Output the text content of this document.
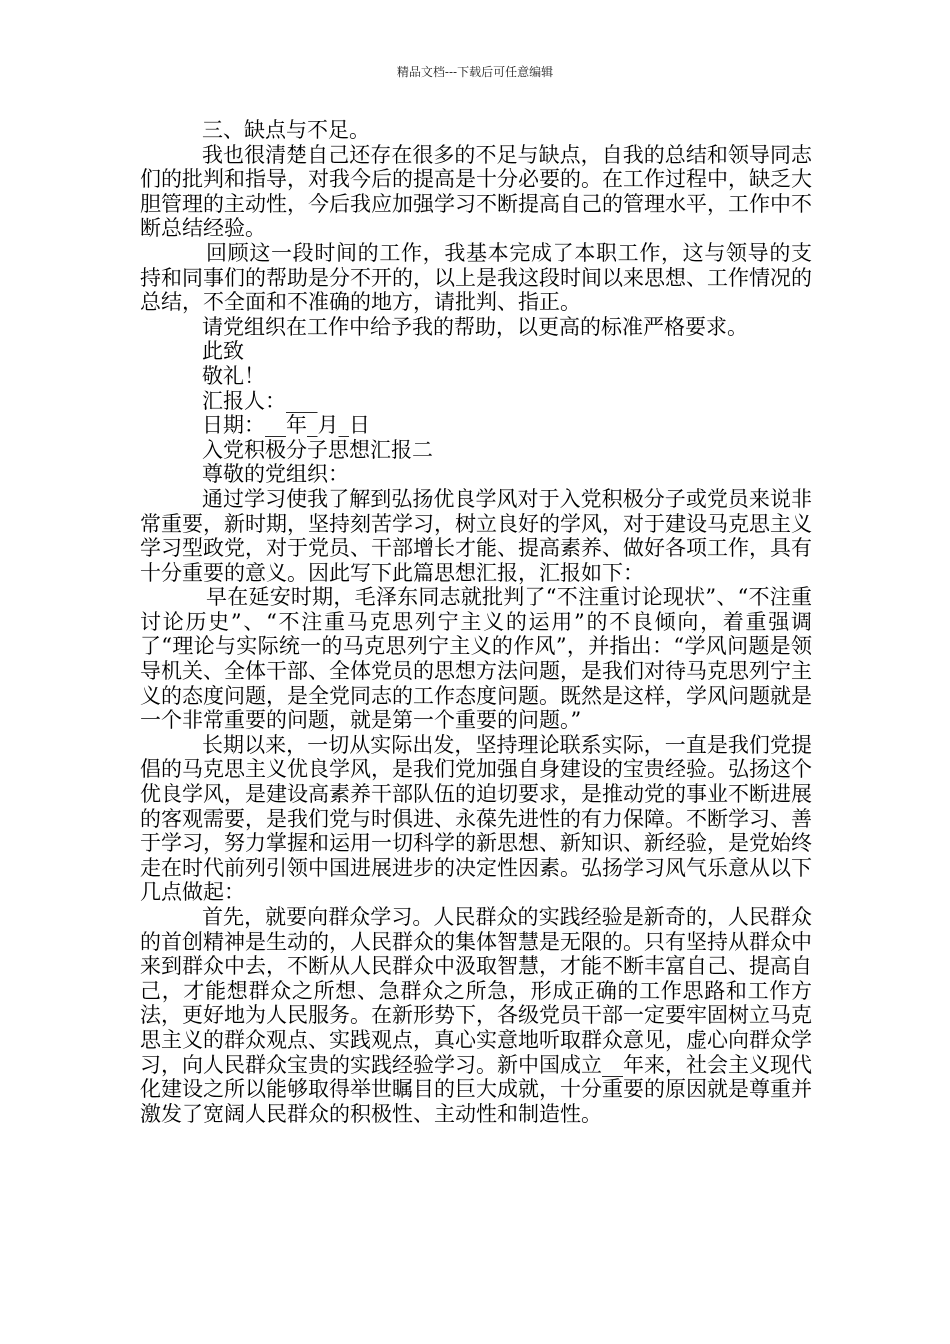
精品文档---下载后可任意编辑

三、缺点与不足。

我也很清楚自己还存在很多的不足与缺点，自我的总结和领导同志们的批判和指导，对我今后的提高是十分必要的。在工作过程中，缺乏大胆管理的主动性，今后我应加强学习不断提高自己的管理水平，工作中不断总结经验。

回顾这一段时间的工作，我基本完成了本职工作，这与领导的支持和同事们的帮助是分不开的，以上是我这段时间以来思想、工作情况的总结，不全面和不准确的地方，请批判、指正。

请党组织在工作中给予我的帮助，以更高的标准严格要求。

此致

敬礼！

汇报人：___

日期：__年_月_日

入党积极分子思想汇报二

尊敬的党组织：

通过学习使我了解到弘扬优良学风对于入党积极分子或党员来说非常重要，新时期，坚持刻苦学习，树立良好的学风，对于建设马克思主义学习型政党，对于党员、干部增长才能、提高素养、做好各项工作，具有十分重要的意义。因此写下此篇思想汇报，汇报如下：

早在延安时期，毛泽东同志就批判了“不注重讨论现状”、“不注重讨论历史”、“不注重马克思列宁主义的运用”的不良倾向，着重强调了“理论与实际统一的马克思列宁主义的作风”，并指出：“学风问题是领导机关、全体干部、全体党员的思想方法问题，是我们对待马克思列宁主义的态度问题，是全党同志的工作态度问题。既然是这样，学风问题就是一个非常重要的问题，就是第一个重要的问题。”

长期以来，一切从实际出发，坚持理论联系实际，一直是我们党提倡的马克思主义优良学风，是我们党加强自身建设的宝贵经验。弘扬这个优良学风，是建设高素养干部队伍的迫切要求，是推动党的事业不断进展的客观需要，是我们党与时俱进、永葆先进性的有力保障。不断学习、善于学习，努力掌握和运用一切科学的新思想、新知识、新经验，是党始终走在时代前列引领中国进展进步的决定性因素。弘扬学习风气乐意从以下几点做起：

首先，就要向群众学习。人民群众的实践经验是新奇的，人民群众的首创精神是生动的，人民群众的集体智慧是无限的。只有坚持从群众中来到群众中去，不断从人民群众中汲取智慧，才能不断丰富自己、提高自己，才能想群众之所想、急群众之所急，形成正确的工作思路和工作方法，更好地为人民服务。在新形势下，各级党员干部一定要牢固树立马克思主义的群众观点、实践观点，真心实意地听取群众意见，虚心向群众学习，向人民群众宝贵的实践经验学习。新中国成立__年来，社会主义现代化建设之所以能够取得举世瞩目的巨大成就，十分重要的原因就是尊重并激发了宽阔人民群众的积极性、主动性和制造性。
